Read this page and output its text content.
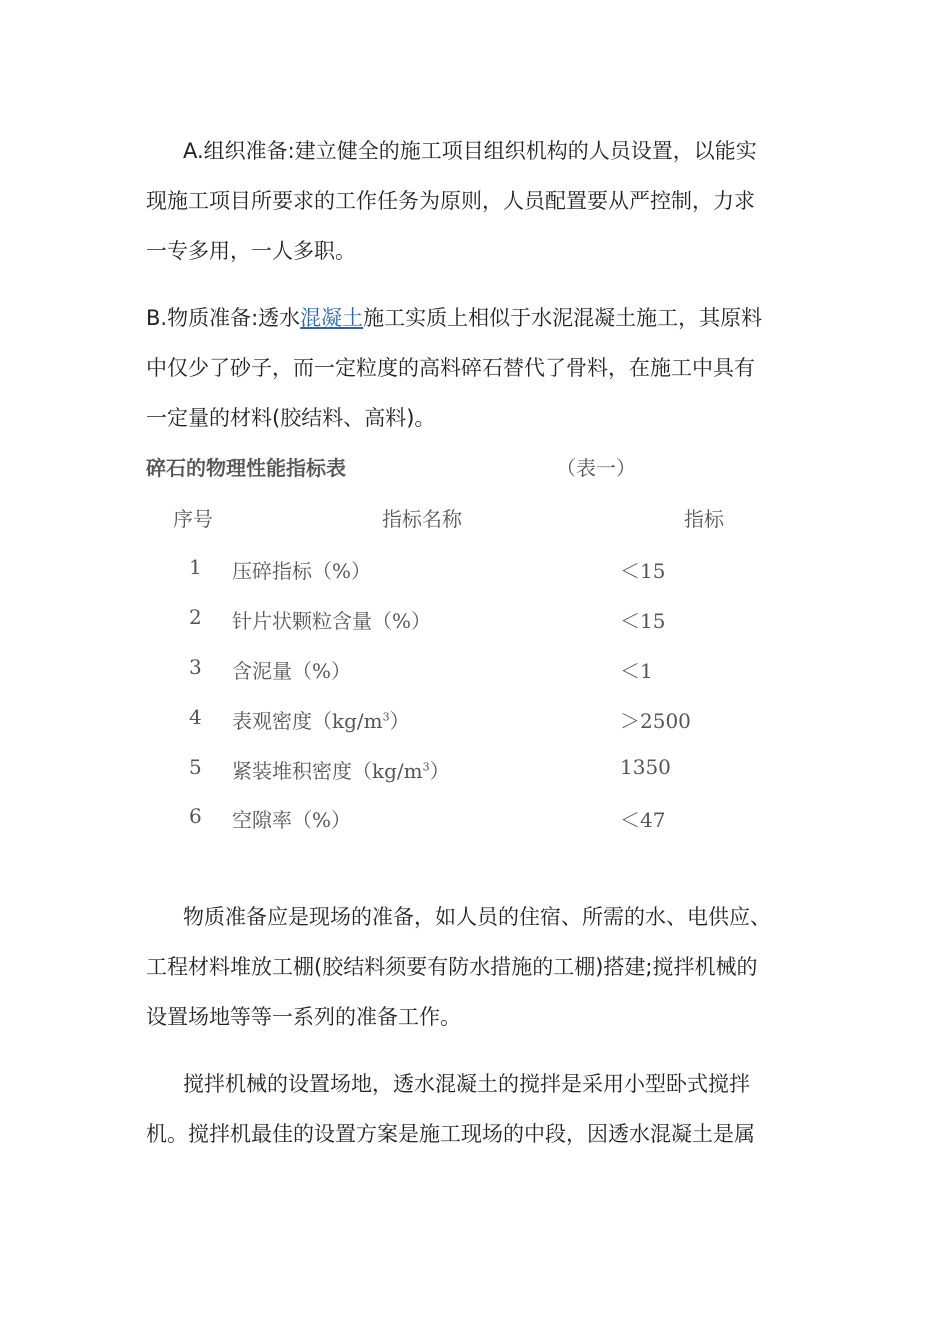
A.组织准备:建立健全的施工项目组织机构的人员设置，以能实
现施工项目所要求的工作任务为原则，人员配置要从严控制，力求
一专多用，一人多职。

B.物质准备:透水混凝土施工实质上相似于水泥混凝土施工，其原料
中仅少了砂子，而一定粒度的高料碎石替代了骨料，在施工中具有
一定量的材料(胶结料、高料)。

碎石的物理性能指标表	（表一）
序号	指标名称	指标
1 压碎指标（%）	＜15
2 针片状颗粒含量（%）	＜15
3 含泥量（%）	＜1
4 表观密度$(kg/m^3)$	＞2500
5 紧装堆积密度$(kg/m^3)$	1350
6 空隙率（%）	＜47

物质准备应是现场的准备，如人员的住宿、所需的水、电供应、
工程材料堆放工棚(胶结料须要有防水措施的工棚)搭建;搅拌机械的
设置场地等等一系列的准备工作。

搅拌机械的设置场地，透水混凝土的搅拌是采用小型卧式搅拌
机。搅拌机最佳的设置方案是施工现场的中段，因透水混凝土是属
